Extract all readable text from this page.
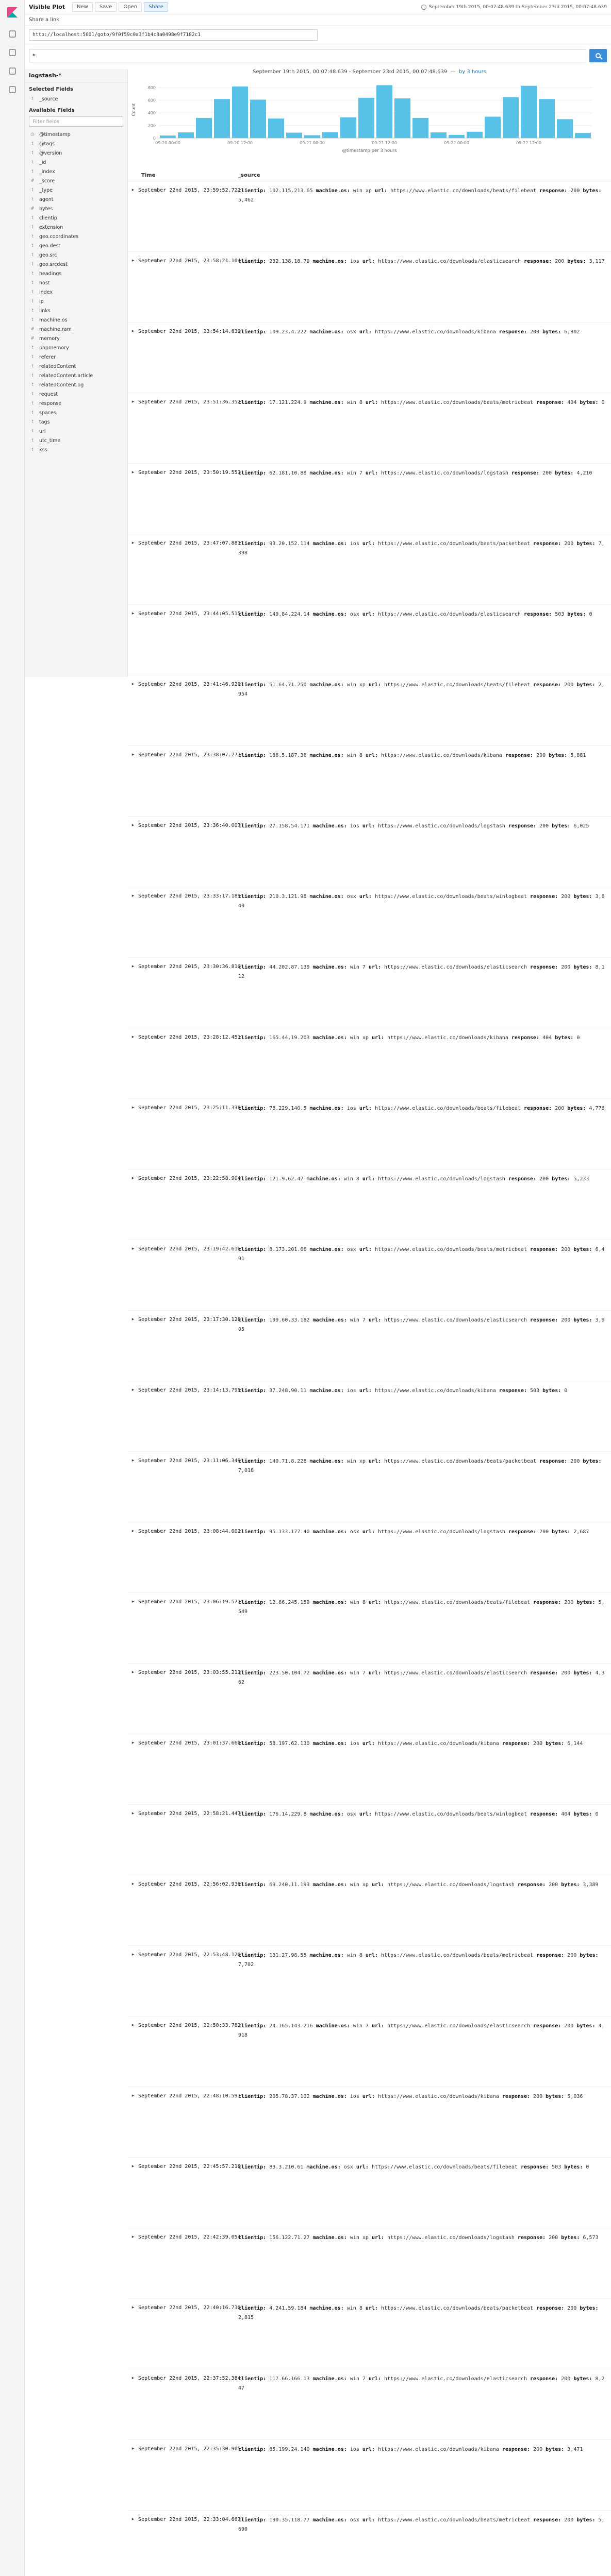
Visible Plot	New	Save	Open	Share	September 19th 2015, 00:07:48.639 to September 23rd 2015, 00:07:48.639
Share a link
http://localhost:5601/goto/9f0f59c0a3f1b4c8a0498e9f7182c1
*
logstash-*
Selected Fields
t	_source
Available Fields
Filter fields
◷ @timestamp
t	@tags
t	@version
t	_id
t	_index
# _score
t	_type
t	agent
# bytes
t	clientip
t	extension
t	geo.coordinates
t	geo.dest
t	geo.src
t	geo.srcdest
t	headings
t	host
t	index
t	ip
t	links
t	machine.os
# machine.ram
# memory
t	phpmemory
t	referer
t	relatedContent
t	relatedContent.article
t	relatedContent.og
t	request
t	response
t	spaces
t	tags
t	url
t	utc_time
t	xss
September 19th 2015, 00:07:48.639 - September 23rd 2015, 00:07:48.639  —  by 3 hours
0
200
400
600
800
Count
09-20 00:00	09-20 12:00	09-21 00:00	09-21 12:00	09-22 00:00	09-22 12:00
@timestamp per 3 hours
Time	_source
▸ September 22nd 2015, 23:59:52.722
clientip: 102.115.213.65 machine.os: win xp url: https://www.elastic.co/downloads/beats/filebeat response: 200 bytes: 5,462
▸ September 22nd 2015, 23:58:21.104
clientip: 232.138.18.79 machine.os: ios url: https://www.elastic.co/downloads/elasticsearch response: 200 bytes: 3,117
▸ September 22nd 2015, 23:54:14.639
clientip: 109.23.4.222 machine.os: osx url: https://www.elastic.co/downloads/kibana response: 200 bytes: 6,802
▸ September 22nd 2015, 23:51:36.352
clientip: 17.121.224.9 machine.os: win 8 url: https://www.elastic.co/downloads/beats/metricbeat response: 404 bytes: 0
▸ September 22nd 2015, 23:50:19.553
clientip: 62.181.10.88 machine.os: win 7 url: https://www.elastic.co/downloads/logstash response: 200 bytes: 4,210
▸ September 22nd 2015, 23:47:07.881
clientip: 93.20.152.114 machine.os: ios url: https://www.elastic.co/downloads/beats/packetbeat response: 200 bytes: 7,398
▸ September 22nd 2015, 23:44:05.515
clientip: 149.84.224.14 machine.os: osx url: https://www.elastic.co/downloads/elasticsearch response: 503 bytes: 0
▸ September 22nd 2015, 23:41:46.920
clientip: 51.64.71.250 machine.os: win xp url: https://www.elastic.co/downloads/beats/filebeat response: 200 bytes: 2,954
▸ September 22nd 2015, 23:38:07.277
clientip: 186.5.187.36 machine.os: win 8 url: https://www.elastic.co/downloads/kibana response: 200 bytes: 5,881
▸ September 22nd 2015, 23:36:40.007
clientip: 27.158.54.171 machine.os: ios url: https://www.elastic.co/downloads/logstash response: 200 bytes: 6,025
▸ September 22nd 2015, 23:33:17.189
clientip: 210.3.121.98 machine.os: osx url: https://www.elastic.co/downloads/beats/winlogbeat response: 200 bytes: 3,640
▸ September 22nd 2015, 23:30:36.810
clientip: 44.202.87.139 machine.os: win 7 url: https://www.elastic.co/downloads/elasticsearch response: 200 bytes: 8,112
▸ September 22nd 2015, 23:28:12.451
clientip: 165.44.19.203 machine.os: win xp url: https://www.elastic.co/downloads/kibana response: 404 bytes: 0
▸ September 22nd 2015, 23:25:11.338
clientip: 78.229.140.5 machine.os: ios url: https://www.elastic.co/downloads/beats/filebeat response: 200 bytes: 4,776
▸ September 22nd 2015, 23:22:58.904
clientip: 121.9.62.47 machine.os: win 8 url: https://www.elastic.co/downloads/logstash response: 200 bytes: 5,233
▸ September 22nd 2015, 23:19:42.616
clientip: 8.173.201.66 machine.os: osx url: https://www.elastic.co/downloads/beats/metricbeat response: 200 bytes: 6,491
▸ September 22nd 2015, 23:17:30.128
clientip: 199.60.33.182 machine.os: win 7 url: https://www.elastic.co/downloads/elasticsearch response: 200 bytes: 3,905
▸ September 22nd 2015, 23:14:13.795
clientip: 37.248.90.11 machine.os: ios url: https://www.elastic.co/downloads/kibana response: 503 bytes: 0
▸ September 22nd 2015, 23:11:06.349
clientip: 140.71.8.228 machine.os: win xp url: https://www.elastic.co/downloads/beats/packetbeat response: 200 bytes: 7,018
▸ September 22nd 2015, 23:08:44.002
clientip: 95.133.177.40 machine.os: osx url: https://www.elastic.co/downloads/logstash response: 200 bytes: 2,687
▸ September 22nd 2015, 23:06:19.571
clientip: 12.86.245.159 machine.os: win 8 url: https://www.elastic.co/downloads/beats/filebeat response: 200 bytes: 5,549
▸ September 22nd 2015, 23:03:55.213
clientip: 223.50.104.72 machine.os: win 7 url: https://www.elastic.co/downloads/elasticsearch response: 200 bytes: 4,362
▸ September 22nd 2015, 23:01:37.660
clientip: 58.197.62.130 machine.os: ios url: https://www.elastic.co/downloads/kibana response: 200 bytes: 6,144
▸ September 22nd 2015, 22:58:21.447
clientip: 176.14.229.8 machine.os: osx url: https://www.elastic.co/downloads/beats/winlogbeat response: 404 bytes: 0
▸ September 22nd 2015, 22:56:02.936
clientip: 69.240.11.193 machine.os: win xp url: https://www.elastic.co/downloads/logstash response: 200 bytes: 3,389
▸ September 22nd 2015, 22:53:48.120
clientip: 131.27.98.55 machine.os: win 8 url: https://www.elastic.co/downloads/beats/metricbeat response: 200 bytes: 7,702
▸ September 22nd 2015, 22:50:33.782
clientip: 24.165.143.216 machine.os: win 7 url: https://www.elastic.co/downloads/elasticsearch response: 200 bytes: 4,918
▸ September 22nd 2015, 22:48:10.591
clientip: 205.78.37.102 machine.os: ios url: https://www.elastic.co/downloads/kibana response: 200 bytes: 5,036
▸ September 22nd 2015, 22:45:57.218
clientip: 83.3.210.61 machine.os: osx url: https://www.elastic.co/downloads/beats/filebeat response: 503 bytes: 0
▸ September 22nd 2015, 22:42:39.054
clientip: 156.122.71.27 machine.os: win xp url: https://www.elastic.co/downloads/logstash response: 200 bytes: 6,573
▸ September 22nd 2015, 22:40:16.730
clientip: 4.241.59.184 machine.os: win 8 url: https://www.elastic.co/downloads/beats/packetbeat response: 200 bytes: 2,815
▸ September 22nd 2015, 22:37:52.384
clientip: 117.66.166.13 machine.os: win 7 url: https://www.elastic.co/downloads/elasticsearch response: 200 bytes: 8,247
▸ September 22nd 2015, 22:35:30.905
clientip: 65.199.24.140 machine.os: ios url: https://www.elastic.co/downloads/kibana response: 200 bytes: 3,471
▸ September 22nd 2015, 22:33:04.667
clientip: 190.35.118.77 machine.os: osx url: https://www.elastic.co/downloads/beats/metricbeat response: 200 bytes: 5,690
